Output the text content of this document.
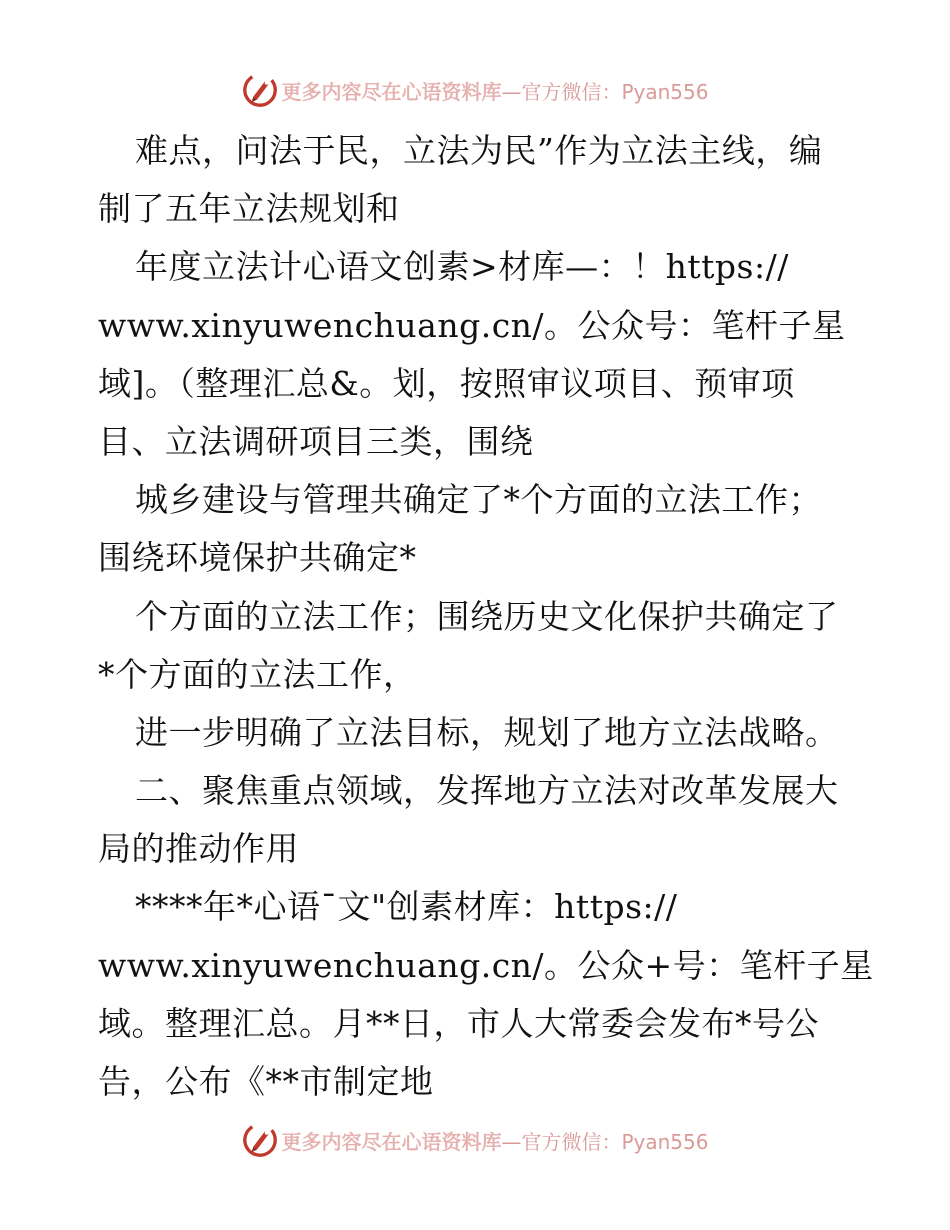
更多内容尽在心语资料库 —官方微信：Pyan556
难点，问法于民，立法为民”作为立法主线，编
制了五年立法规划和
年度立法计心语文创素>材库—：！https://
www.xinyuwenchuang.cn/。公众号：笔杆子星
域]。（整理汇总&。划，按照审议项目、预审项
目、立法调研项目三类，围绕
城乡建设与管理共确定了*个方面的立法工作；
围绕环境保护共确定*
个方面的立法工作；围绕历史文化保护共确定了
*个方面的立法工作，
进一步明确了立法目标，规划了地方立法战略。
二、聚焦重点领域，发挥地方立法对改革发展大
局的推动作用
****年*心语¯文"创素材库：https://
www.xinyuwenchuang.cn/。公众+号：笔杆子星
域。整理汇总。月**日，市人大常委会发布*号公
告，公布《**市制定地
更多内容尽在心语资料库 —官方微信：Pyan556
